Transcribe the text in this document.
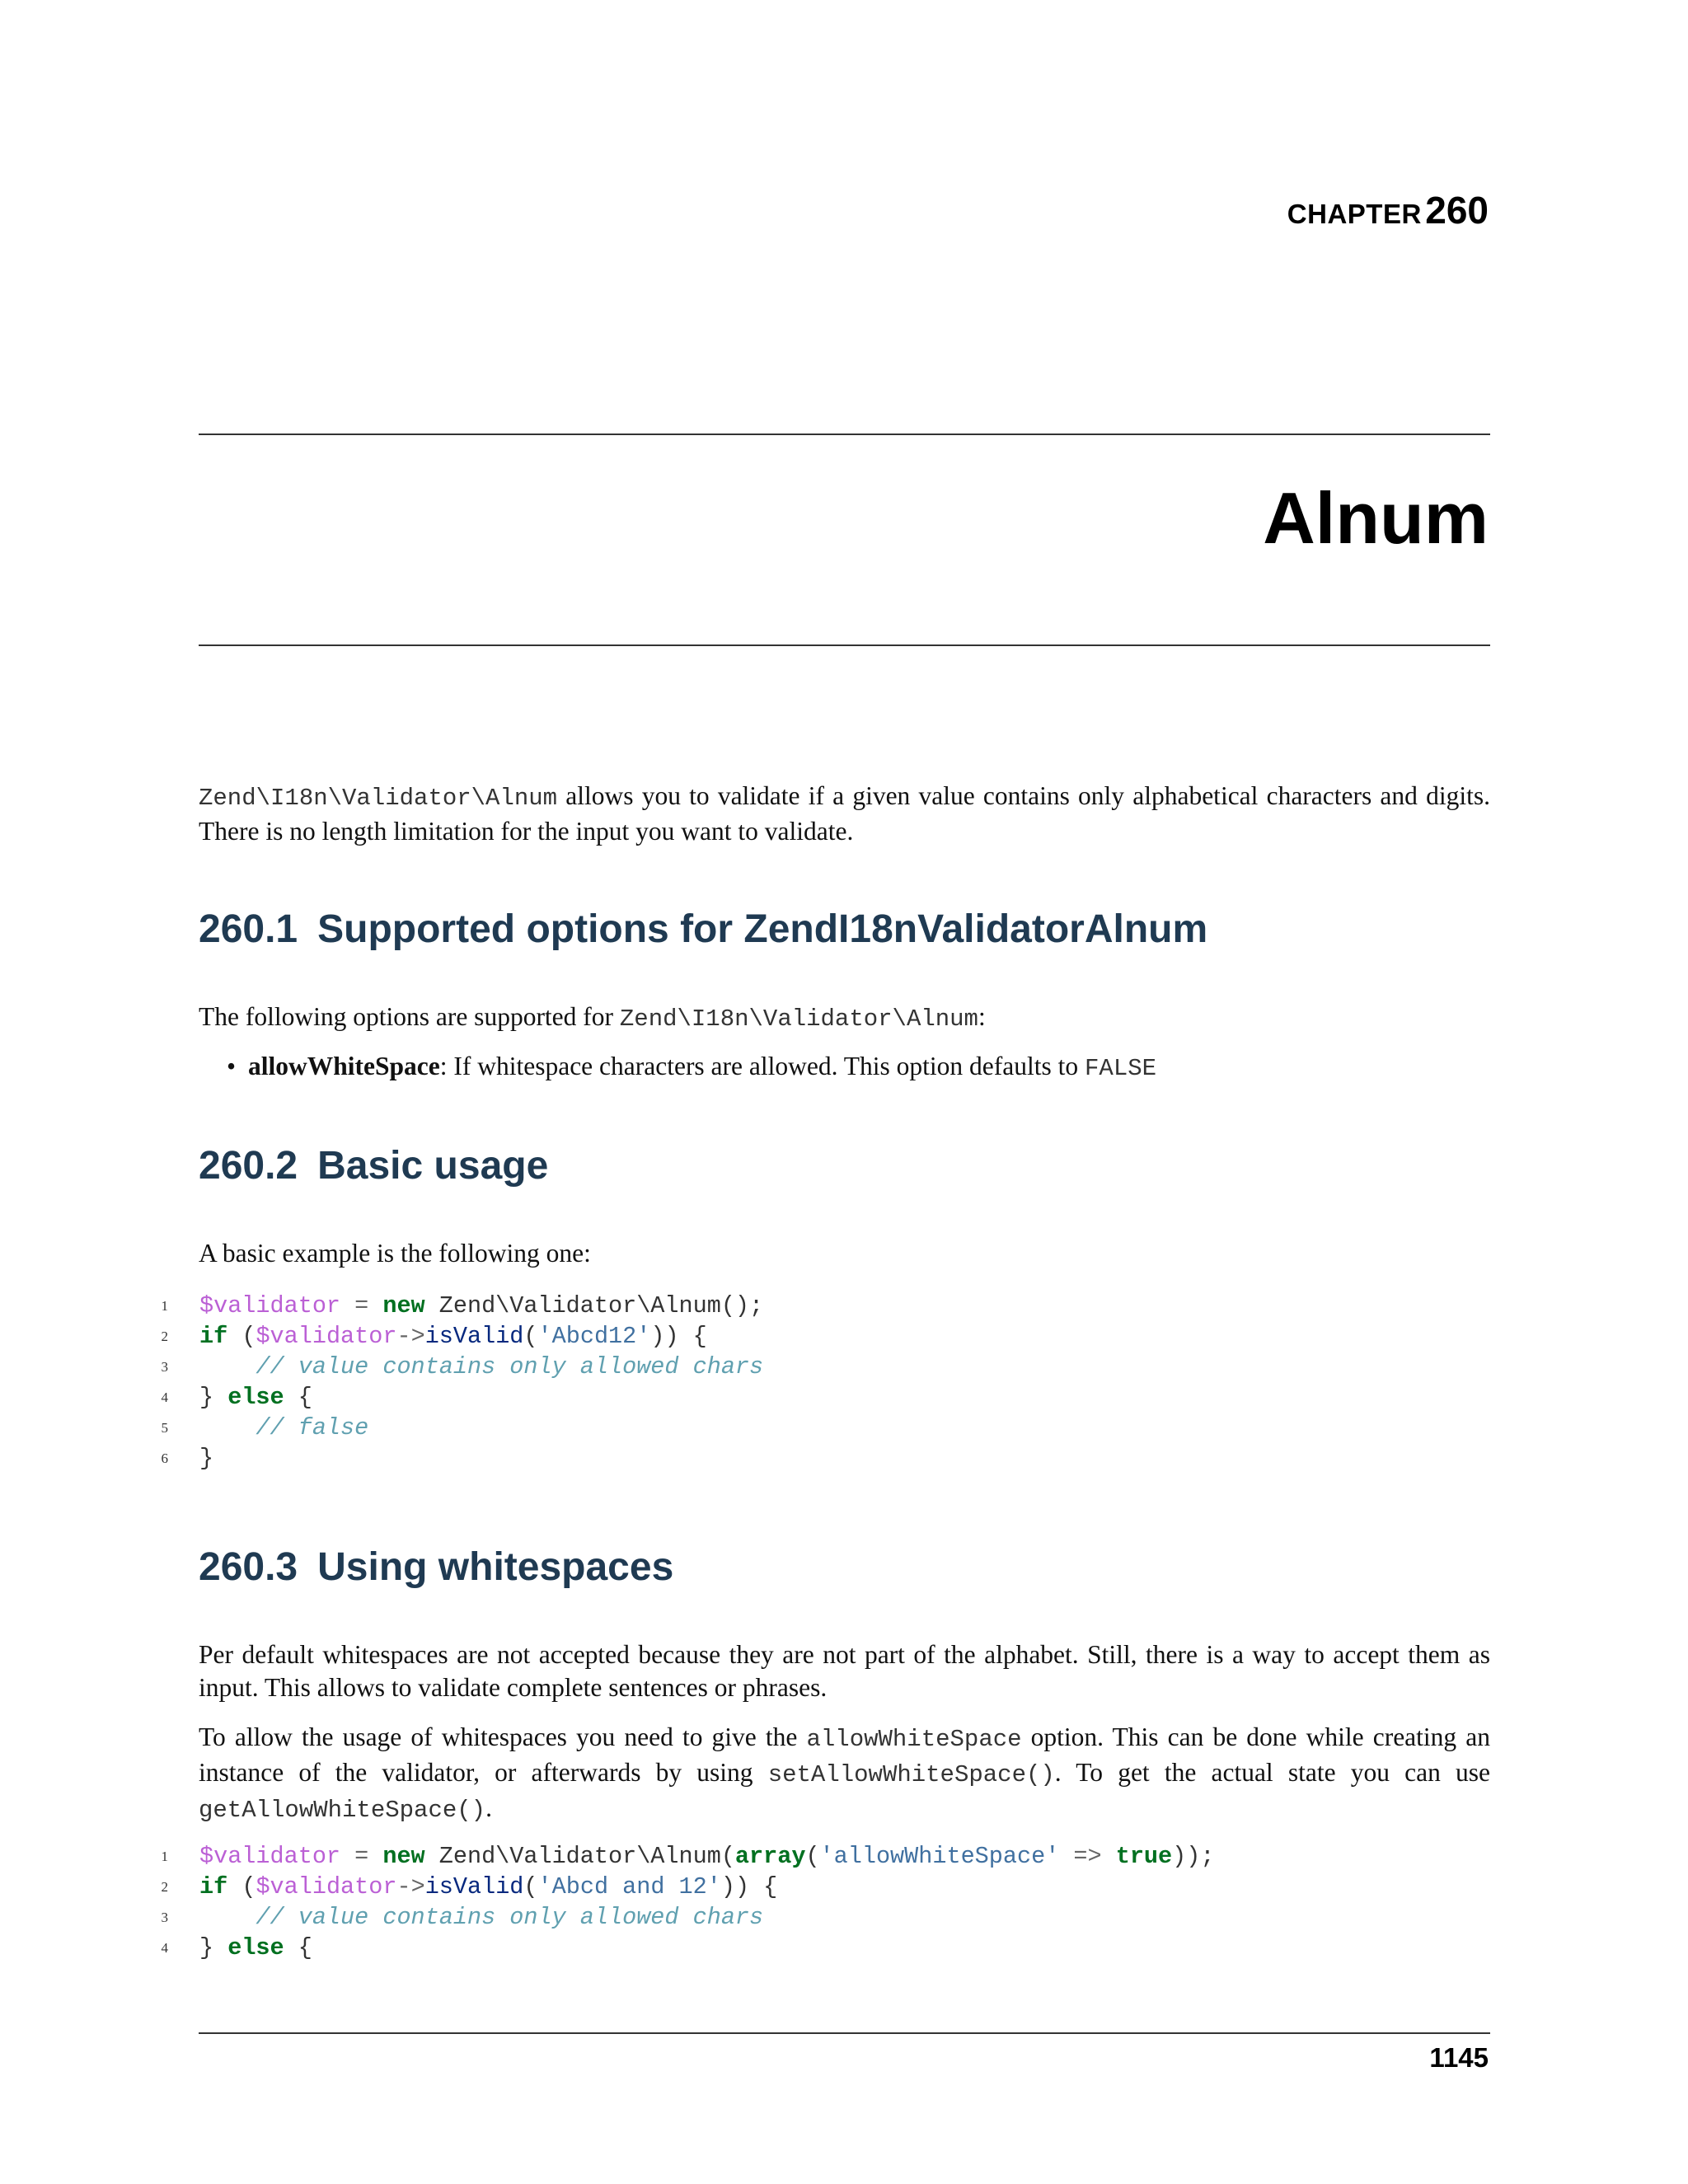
CHAPTER 260
Alnum

Zend\I18n\Validator\Alnum allows you to validate if a given value contains only alphabetical characters and digits. There is no length limitation for the input you want to validate.

260.1 Supported options for ZendI18nValidatorAlnum

The following options are supported for Zend\I18n\Validator\Alnum:

• allowWhiteSpace: If whitespace characters are allowed. This option defaults to FALSE
260.2 Basic usage

A basic example is the following one:

1 $validator = new Zend\Validator\Alnum();
2 if ($validator->isValid('Abcd12')) {
3	// value contains only allowed chars
4 } else {
5	// false
6 }
260.3 Using whitespaces

Per default whitespaces are not accepted because they are not part of the alphabet. Still, there is a way to accept them as input. This allows to validate complete sentences or phrases.

To allow the usage of whitespaces you need to give the allowWhiteSpace option. This can be done while creating an instance of the validator, or afterwards by using setAllowWhiteSpace(). To get the actual state you can use getAllowWhiteSpace().

1 $validator = new Zend\Validator\Alnum(array('allowWhiteSpace' => true));
2 if ($validator->isValid('Abcd and 12')) {
3	// value contains only allowed chars
4 } else {
1145
